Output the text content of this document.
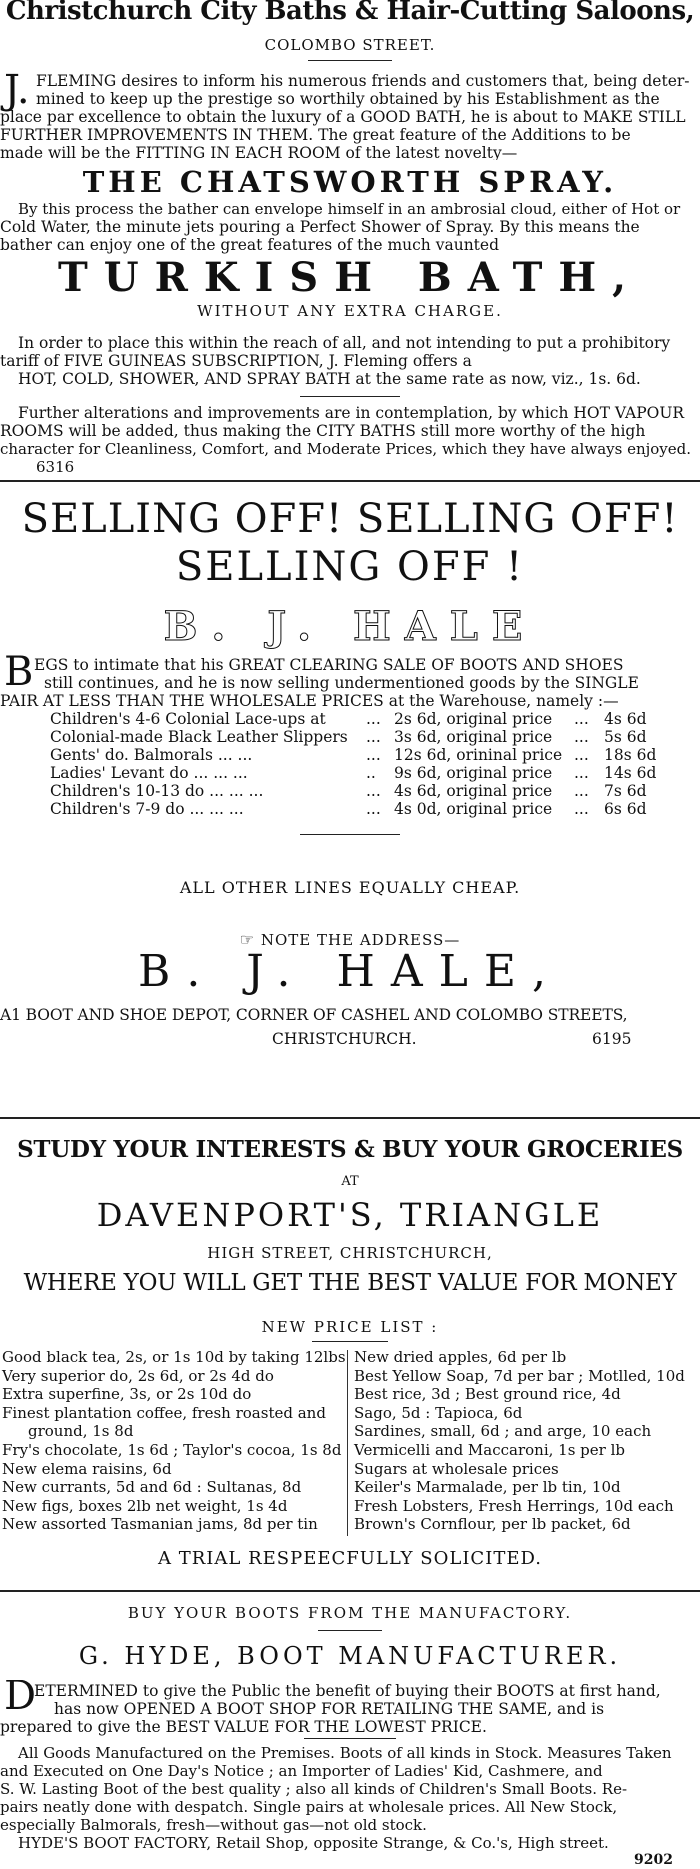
Christchurch City Baths & Hair-Cutting Saloons,
COLOMBO STREET.
J. FLEMING desires to inform his numerous friends and customers that, being deter-
mined to keep up the prestige so worthily obtained by his Establishment as the
place par excellence to obtain the luxury of a GOOD BATH, he is about to MAKE STILL
FURTHER IMPROVEMENTS IN THEM. The great feature of the Additions to be
made will be the FITTING IN EACH ROOM of the latest novelty—
THE CHATSWORTH SPRAY.
By this process the bather can envelope himself in an ambrosial cloud, either of Hot or
Cold Water, the minute jets pouring a Perfect Shower of Spray. By this means the
bather can enjoy one of the great features of the much vaunted
TURKISH BATH,
WITHOUT ANY EXTRA CHARGE.
In order to place this within the reach of all, and not intending to put a prohibitory
tariff of FIVE GUINEAS SUBSCRIPTION, J. Fleming offers a
HOT, COLD, SHOWER, AND SPRAY BATH at the same rate as now, viz., 1s. 6d.
Further alterations and improvements are in contemplation, by which HOT VAPOUR
ROOMS will be added, thus making the CITY BATHS still more worthy of the high
character for Cleanliness, Comfort, and Moderate Prices, which they have always enjoyed.
6316
SELLING OFF! SELLING OFF!
SELLING OFF !
B. J. HALE
B EGS to intimate that his GREAT CLEARING SALE OF BOOTS AND SHOES
still continues, and he is now selling undermentioned goods by the SINGLE
PAIR AT LESS THAN THE WHOLESALE PRICES at the Warehouse, namely :—
Children's 4-6 Colonial Lace-ups at	...	2s 6d, original price	...	4s 6d
Colonial-made Black Leather Slippers	...	3s 6d, original price	...	5s 6d
Gents' do. Balmorals ... ...	...	12s 6d, orininal price	...	18s 6d
Ladies' Levant do ... ... ...	..	9s 6d, original price	...	14s 6d
Children's 10-13 do ... ... ...	...	4s 6d, original price	...	7s 6d
Children's 7-9 do ... ... ...	...	4s 0d, original price	...	6s 6d
ALL OTHER LINES EQUALLY CHEAP.
☞ NOTE THE ADDRESS—
B. J. HALE,
A1 BOOT AND SHOE DEPOT, CORNER OF CASHEL AND COLOMBO STREETS,
CHRISTCHURCH.	6195
STUDY YOUR INTERESTS & BUY YOUR GROCERIES
AT
DAVENPORT'S, TRIANGLE
HIGH STREET, CHRISTCHURCH,
WHERE YOU WILL GET THE BEST VALUE FOR MONEY
NEW PRICE LIST :
Good black tea, 2s, or 1s 10d by taking 12lbs
Very superior do, 2s 6d, or 2s 4d do
Extra superfine, 3s, or 2s 10d do
Finest plantation coffee, fresh roasted and
ground, 1s 8d
Fry's chocolate, 1s 6d ; Taylor's cocoa, 1s 8d
New elema raisins, 6d
New currants, 5d and 6d : Sultanas, 8d
New figs, boxes 2lb net weight, 1s 4d
New assorted Tasmanian jams, 8d per tin
New dried apples, 6d per lb
Best Yellow Soap, 7d per bar ; Motlled, 10d
Best rice, 3d ; Best ground rice, 4d
Sago, 5d : Tapioca, 6d
Sardines, small, 6d ; and arge, 10 each
Vermicelli and Maccaroni, 1s per lb
Sugars at wholesale prices
Keiler's Marmalade, per lb tin, 10d
Fresh Lobsters, Fresh Herrings, 10d each
Brown's Cornflour, per lb packet, 6d
A TRIAL RESPEECFULLY SOLICITED.
BUY YOUR BOOTS FROM THE MANUFACTORY.
G. HYDE, BOOT MANUFACTURER.
D
ETERMINED to give the Public the benefit of buying their BOOTS at first hand,
has now OPENED A BOOT SHOP FOR RETAILING THE SAME, and is
prepared to give the BEST VALUE FOR THE LOWEST PRICE.
All Goods Manufactured on the Premises. Boots of all kinds in Stock. Measures Taken
and Executed on One Day's Notice ; an Importer of Ladies' Kid, Cashmere, and
S. W. Lasting Boot of the best quality ; also all kinds of Children's Small Boots. Re-
pairs neatly done with despatch. Single pairs at wholesale prices. All New Stock,
especially Balmorals, fresh—without gas—not old stock.
HYDE'S BOOT FACTORY, Retail Shop, opposite Strange, & Co.'s, High street.
9202
